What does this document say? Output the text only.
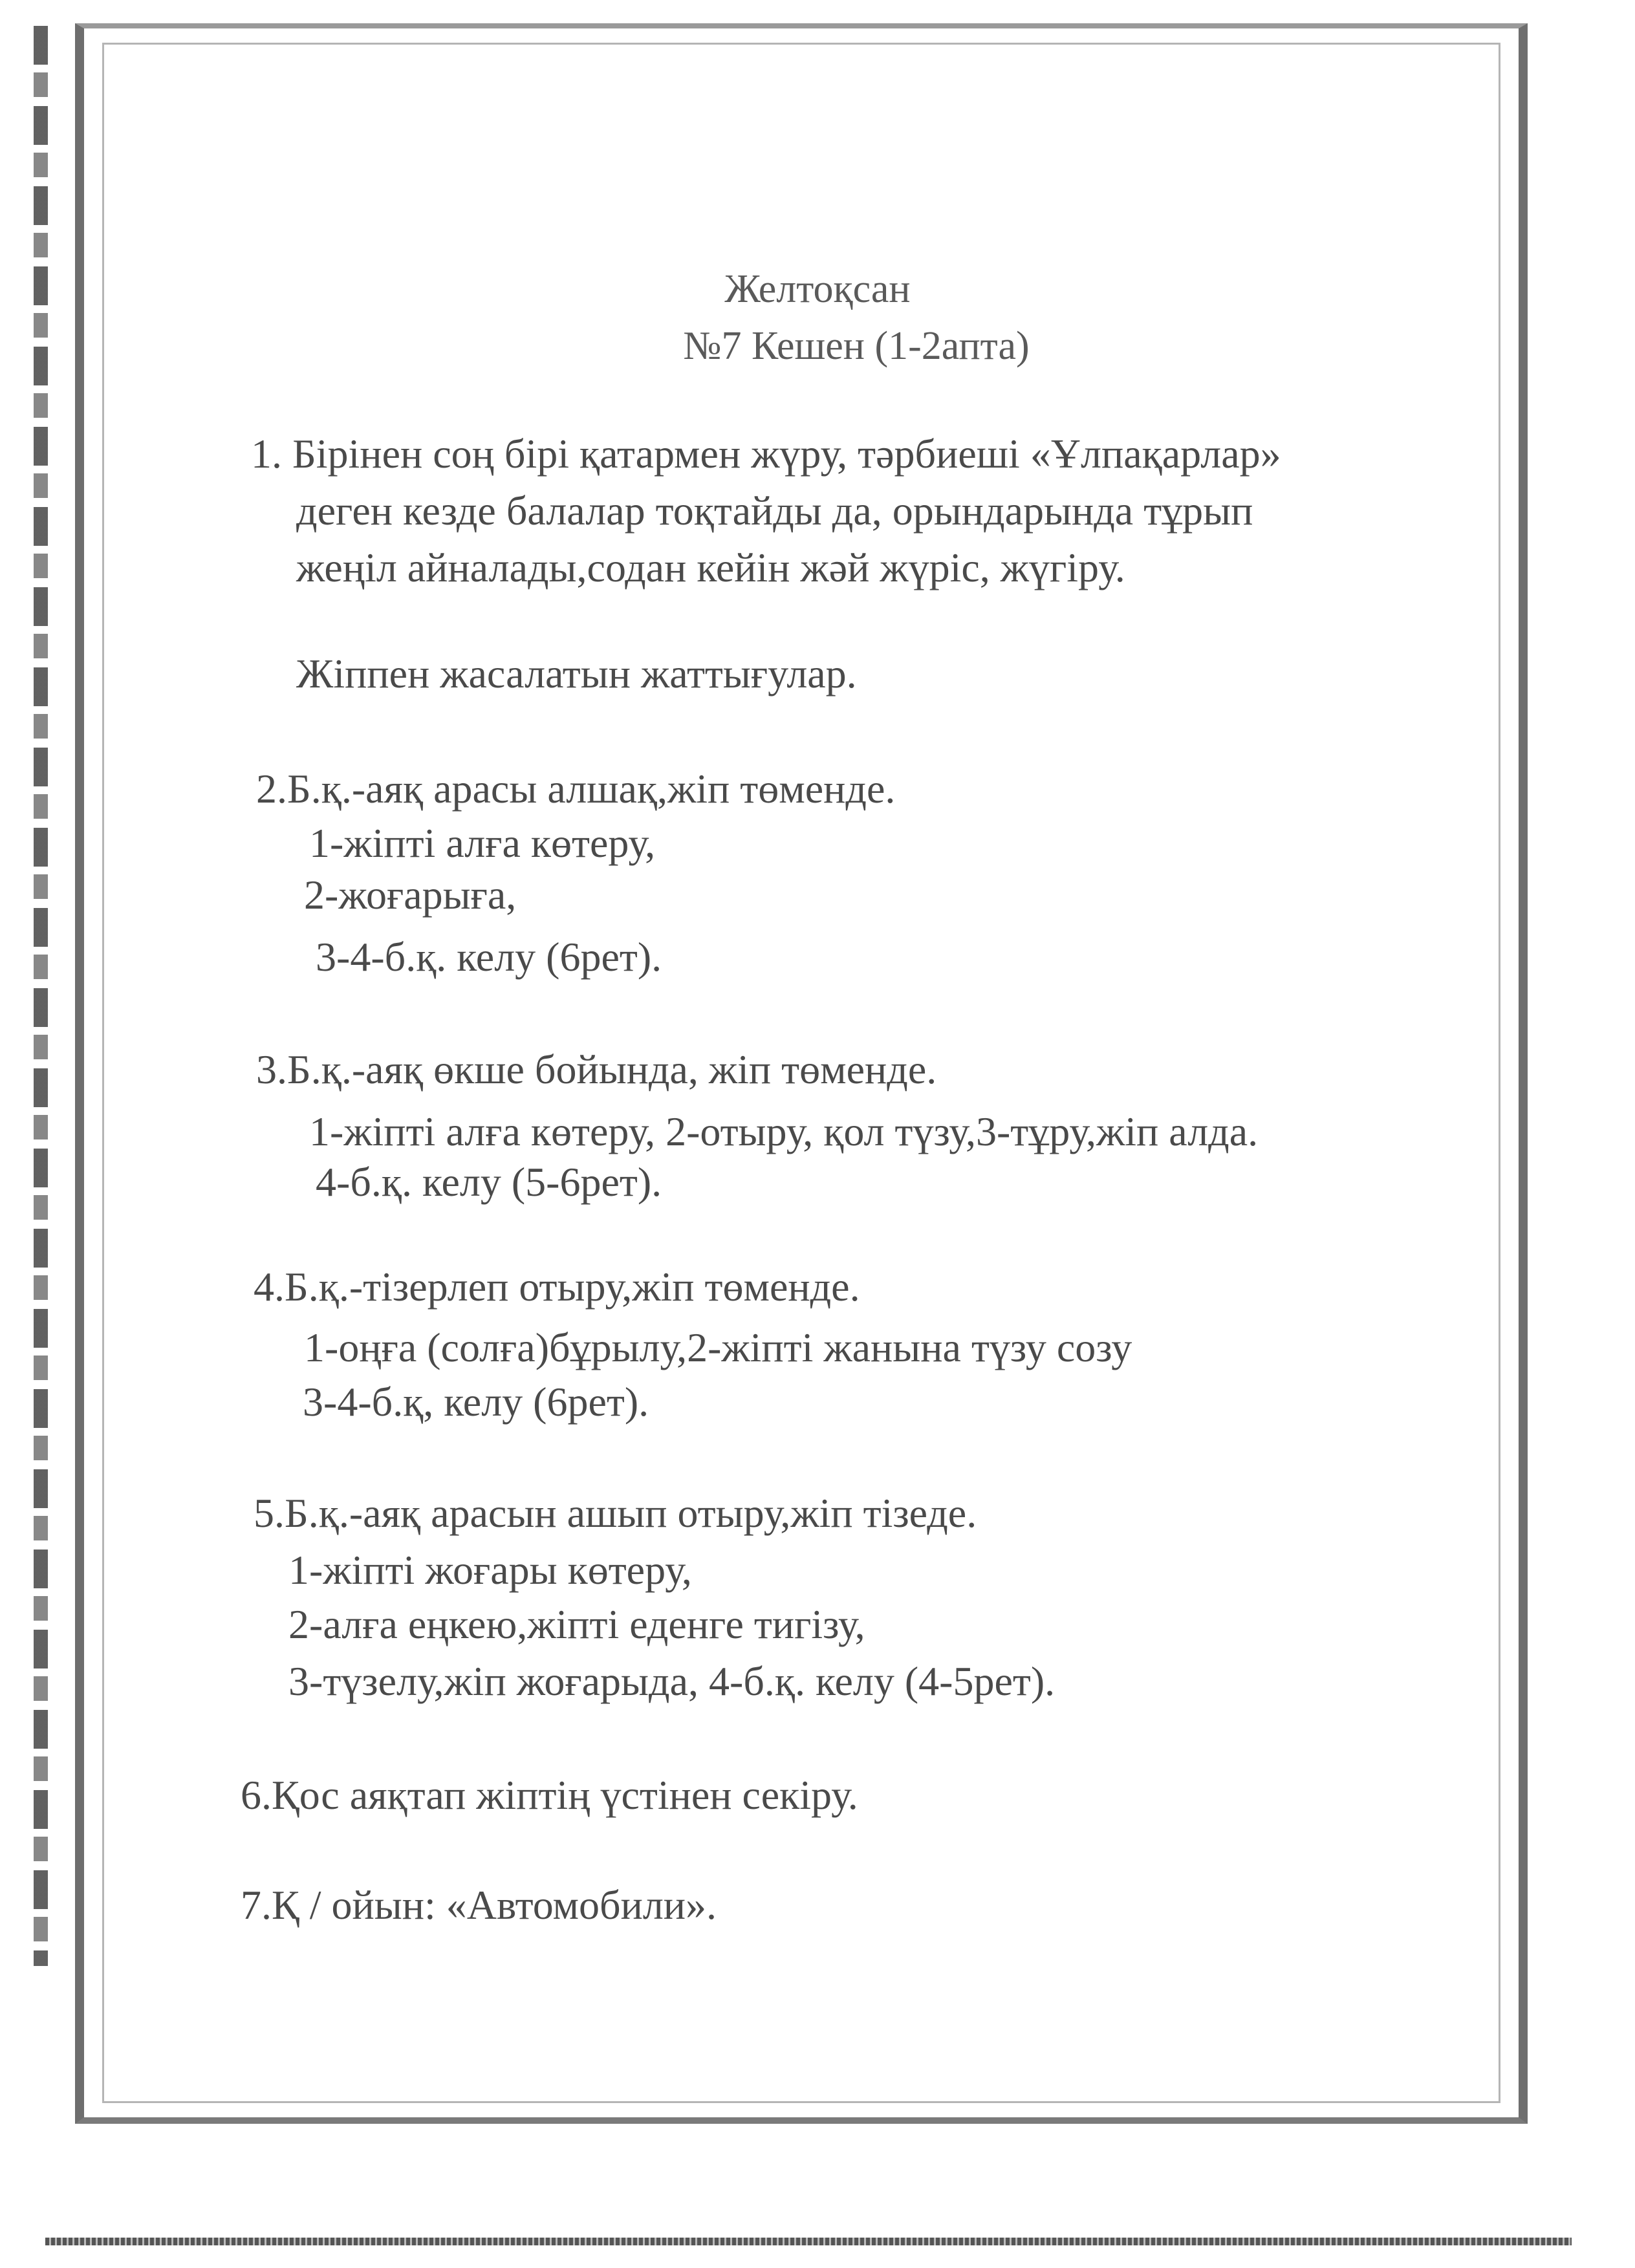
Желтоқсан
№7 Кешен (1-2апта)
1. Бірінен соң бірі қатармен жүру, тәрбиеші «Ұлпақарлар»
деген кезде балалар тоқтайды да, орындарында тұрып
жеңіл айналады,содан кейін жәй жүріс, жүгіру.
Жіппен жасалатын жаттығулар.
2.Б.қ.-аяқ арасы алшақ,жіп төменде.
1-жіпті алға көтеру,
2-жоғарыға,
3-4-б.қ. келу (6рет).
3.Б.қ.-аяқ өкше бойында, жіп төменде.
1-жіпті алға көтеру, 2-отыру, қол түзу,3-тұру,жіп алда.
4-б.қ. келу (5-6рет).
4.Б.қ.-тізерлеп отыру,жіп төменде.
1-оңға (солға)бұрылу,2-жіпті жанына түзу созу
3-4-б.қ, келу (6рет).
5.Б.қ.-аяқ арасын ашып отыру,жіп тізеде.
1-жіпті жоғары көтеру,
2-алға еңкею,жіпті еденге тигізу,
3-түзелу,жіп жоғарыда, 4-б.қ. келу (4-5рет).
6.Қос аяқтап жіптің үстінен секіру.
7.Қ / ойын: «Автомобили».
